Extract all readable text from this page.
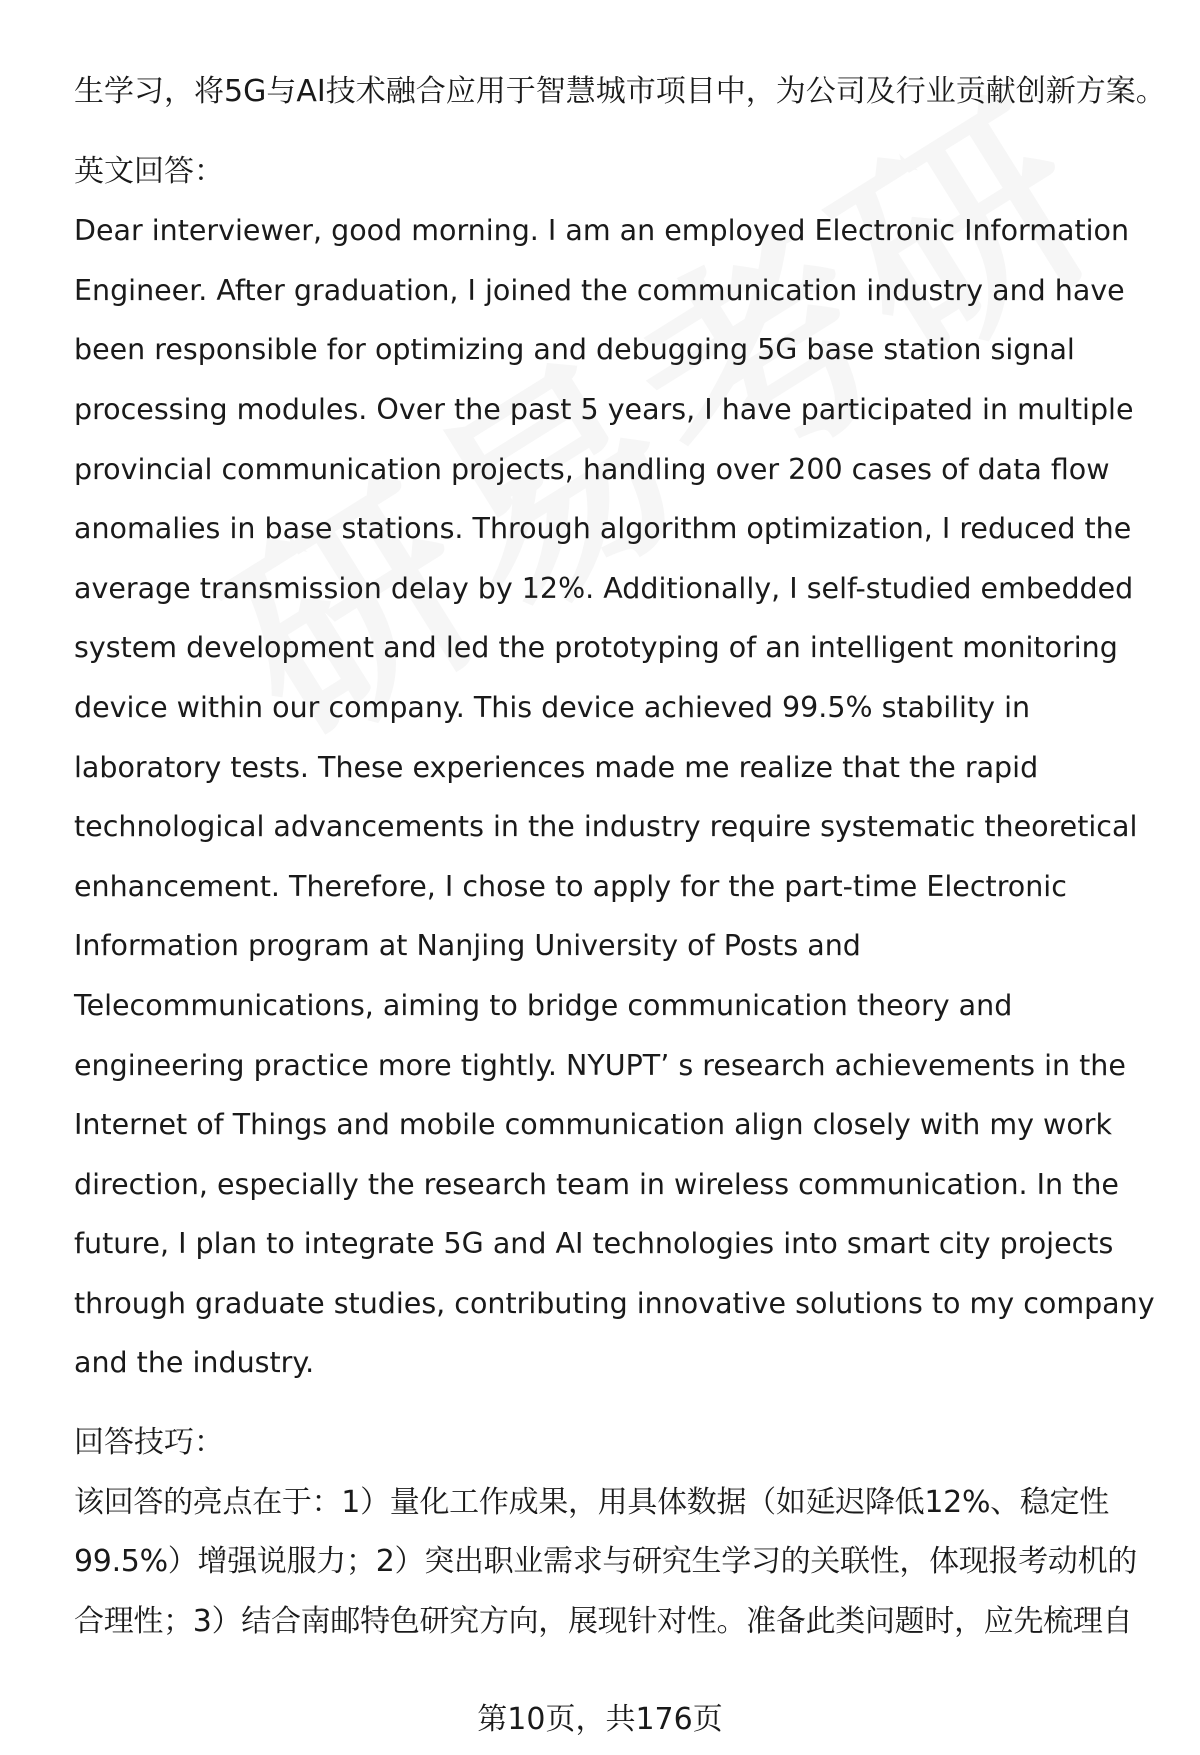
生学习，将5G与AI技术融合应用于智慧城市项目中，为公司及行业贡献创新方案。

英文回答：

Dear interviewer, good morning. I am an employed Electronic Information Engineer. After graduation, I joined the communication industry and have been responsible for optimizing and debugging 5G base station signal processing modules. Over the past 5 years, I have participated in multiple provincial communication projects, handling over 200 cases of data flow anomalies in base stations. Through algorithm optimization, I reduced the average transmission delay by 12%. Additionally, I self-studied embedded system development and led the prototyping of an intelligent monitoring device within our company. This device achieved 99.5% stability in laboratory tests. These experiences made me realize that the rapid technological advancements in the industry require systematic theoretical enhancement. Therefore, I chose to apply for the part-time Electronic Information program at Nanjing University of Posts and Telecommunications, aiming to bridge communication theory and engineering practice more tightly. NYUPT’ s research achievements in the Internet of Things and mobile communication align closely with my work direction, especially the research team in wireless communication. In the future, I plan to integrate 5G and AI technologies into smart city projects through graduate studies, contributing innovative solutions to my company and the industry.

回答技巧：

该回答的亮点在于：1）量化工作成果，用具体数据（如延迟降低12%、稳定性99.5%）增强说服力；2）突出职业需求与研究生学习的关联性，体现报考动机的合理性；3）结合南邮特色研究方向，展现针对性。准备此类问题时，应先梳理自

第10页，共176页
